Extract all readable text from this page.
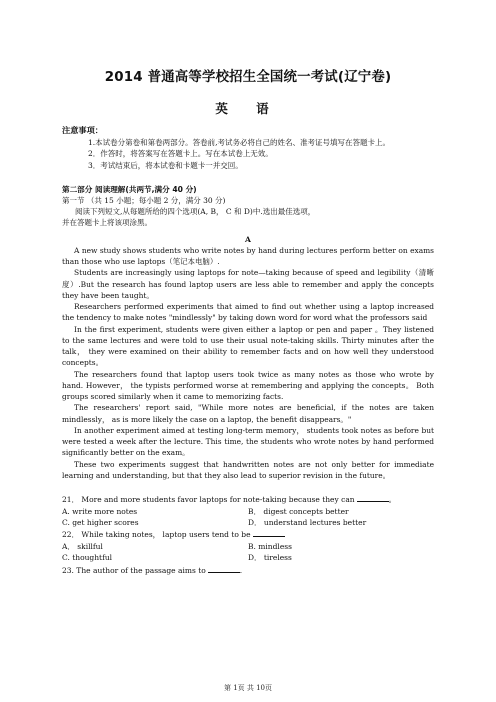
2014 普通高等学校招生全国统一考试(辽宁卷)
英 语
注意事项：

1.本试卷分第卷和第卷两部分。答卷前,考试务必将自己的姓名、准考证号填写在答题卡上。

2．作答时，将答案写在答题卡上。写在本试卷上无效。

3．考试结束后，将本试卷和卡题卡一并交回。

第二部分 阅读理解(共两节,满分 40 分)

第一节 （共 15 小题；每小题 2 分，满分 30 分)

阅读下列短文,从每题所给的四个选项(A, B， C 和 D)中.选出最佳选项，

并在答题卡上将该项涂黑。

A

A new study shows students who write notes by hand during lectures perform better on exams than those who use laptops（笔记本电脑）.

Students are increasingly using laptops for note—taking because of speed and legibility（清晰度）.But the research has found laptop users are less able to remember and apply the concepts they have been taught。

Researchers performed experiments that aimed to find out whether using a laptop increased the tendency to make notes "mindlessly" by taking down word for word what the professors said

In the first experiment, students were given either a laptop or pen and paper 。They listened to the same lectures and were told to use their usual note-taking skills. Thirty minutes after the talk， they were examined on their ability to remember facts and on how well they understood concepts。

The researchers found that laptop users took twice as many notes as those who wrote by hand. However， the typists performed worse at remembering and applying the concepts。 Both groups scored similarly when it came to memorizing facts.

The researchers' report said, "While more notes are beneficial, if the notes are taken mindlessly， as is more likely the case on a laptop, the benefit disappears。"

In another experiment aimed at testing long-term memory， students took notes as before but were tested a week after the lecture. This time, the students who wrote notes by hand performed significantly better on the exam。

These two experiments suggest that handwritten notes are not only better for immediate learning and understanding, but that they also lead to superior revision in the future。

21． More and more students favor laptops for note-taking because they can	。

A. write more notes	B． digest concepts better
C. get higher scores	D． understand lectures better

22． While taking notes， laptop users tend to be

A． skillful	B. mindless
C. thoughtful	D． tireless

23. The author of the passage aims to	.

第 1页 共 10页
